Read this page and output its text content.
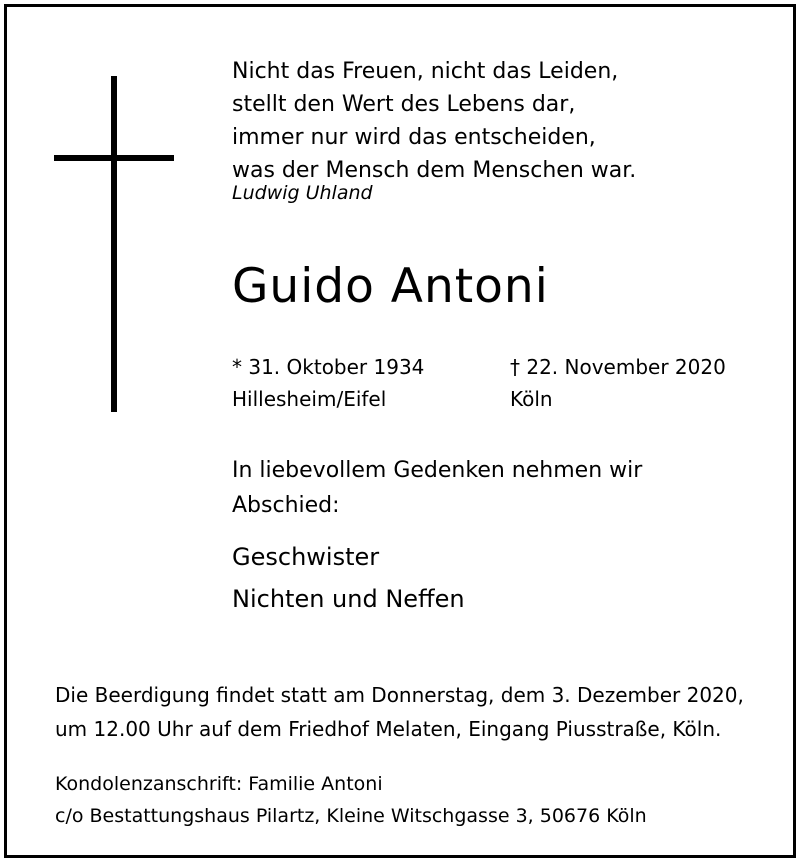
Nicht das Freuen, nicht das Leiden,
stellt den Wert des Lebens dar,
immer nur wird das entscheiden,
was der Mensch dem Menschen war.
Ludwig Uhland
Guido Antoni
* 31. Oktober 1934
Hillesheim/Eifel
† 22. November 2020
Köln
In liebevollem Gedenken nehmen wir
Abschied:
Geschwister
Nichten und Neffen
Die Beerdigung findet statt am Donnerstag, dem 3. Dezember 2020,
um 12.00 Uhr auf dem Friedhof Melaten, Eingang Piusstraße, Köln.
Kondolenzanschrift: Familie Antoni
c/o Bestattungshaus Pilartz, Kleine Witschgasse 3, 50676 Köln
